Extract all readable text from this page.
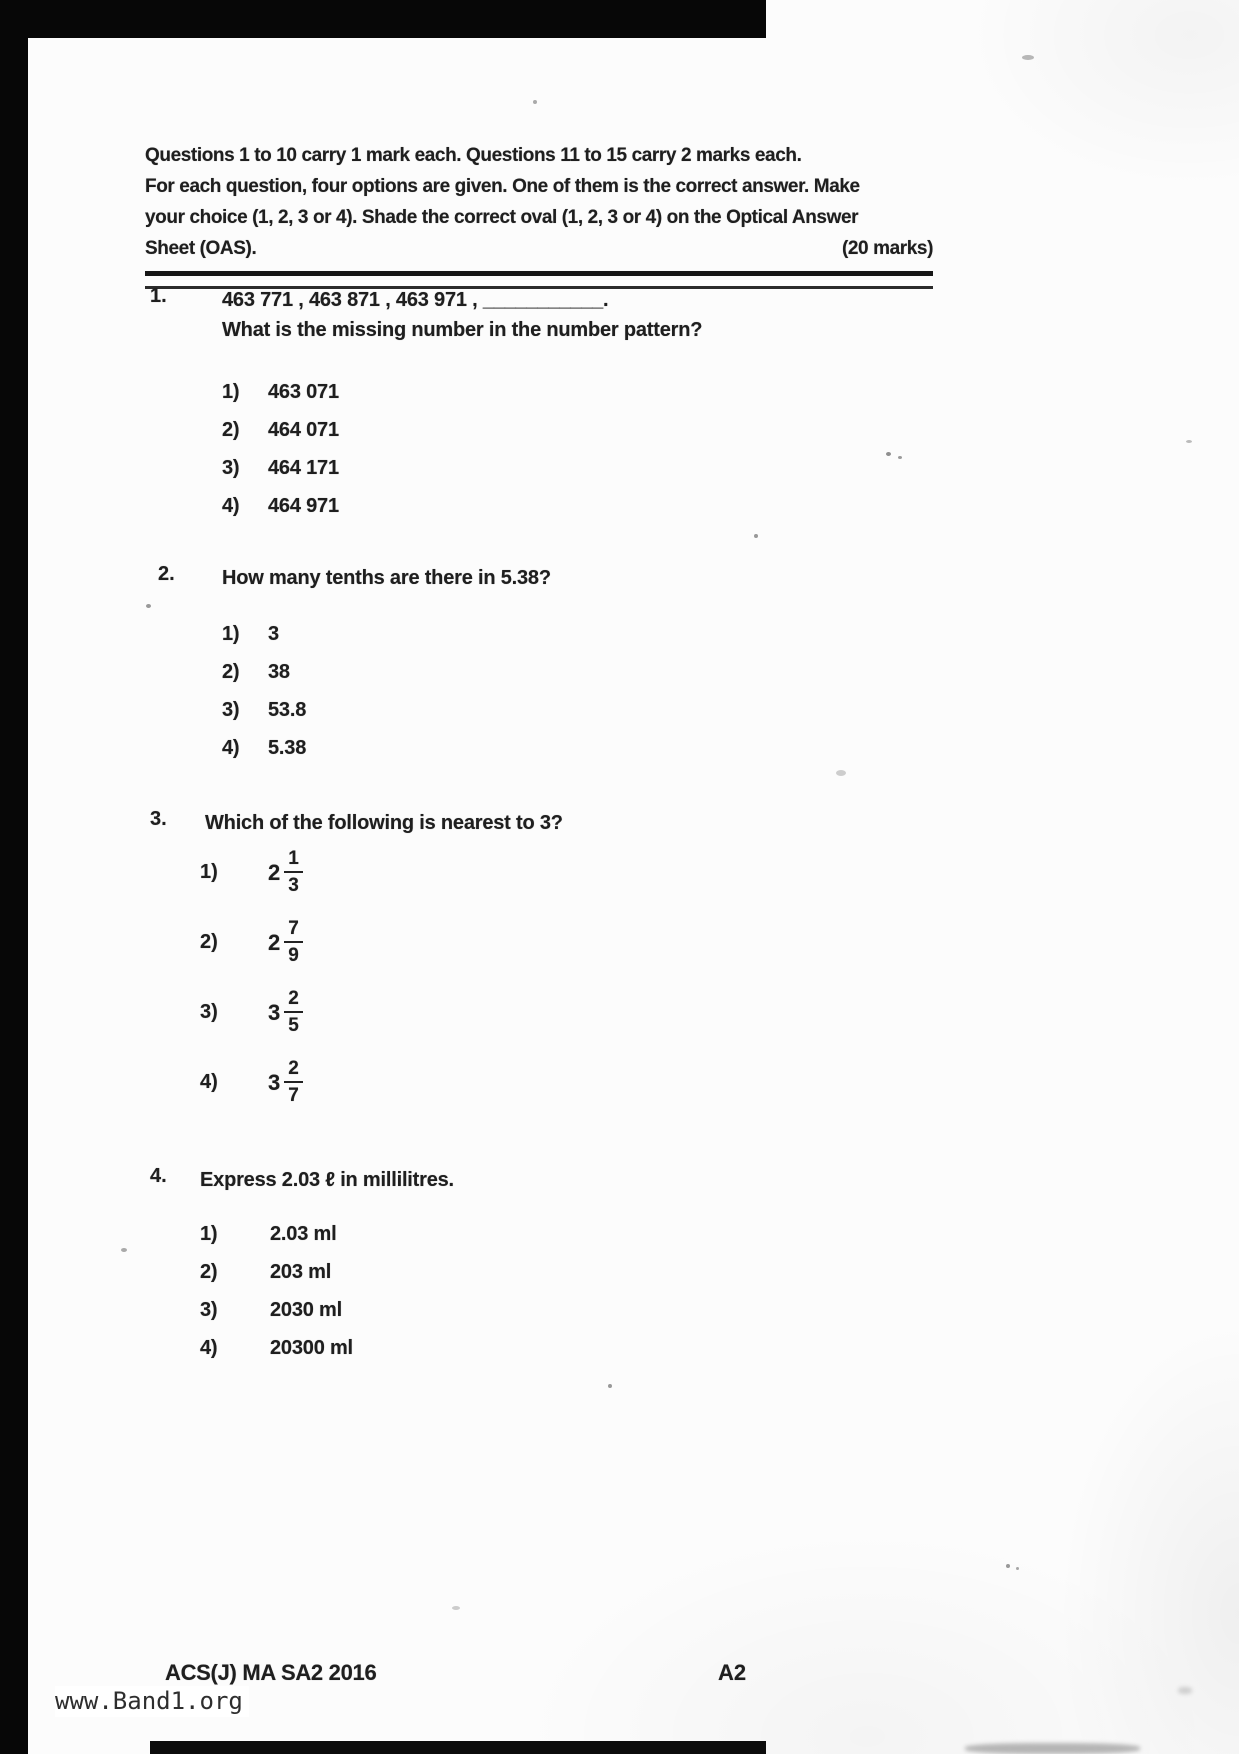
Questions 1 to 10 carry 1 mark each. Questions 11 to 15 carry 2 marks each.
For each question, four options are given. One of them is the correct answer. Make
your choice (1, 2, 3 or 4). Shade the correct oval (1, 2, 3 or 4) on the Optical Answer
Sheet (OAS).	(20 marks)
1.	463 771 , 463 871 , 463 971 , ___________.
What is the missing number in the number pattern?
1)	463 071
2)	464 071
3)	464 171
4)	464 971
2. How many tenths are there in 5.38?
1)	3
2)	38
3)	53.8
4)	5.38
3. Which of the following is nearest to 3?
1)	$2 \frac{1}{3}$
2)	$2 \frac{7}{9}$
3)	$3 \frac{2}{5}$
4)	$3 \frac{2}{7}$
4. Express 2.03 ℓ in millilitres.
1)	2.03 ml
2)	203 ml
3)	2030 ml
4)	20300 ml
ACS(J) MA SA2 2016	A2
www.Band1.org
